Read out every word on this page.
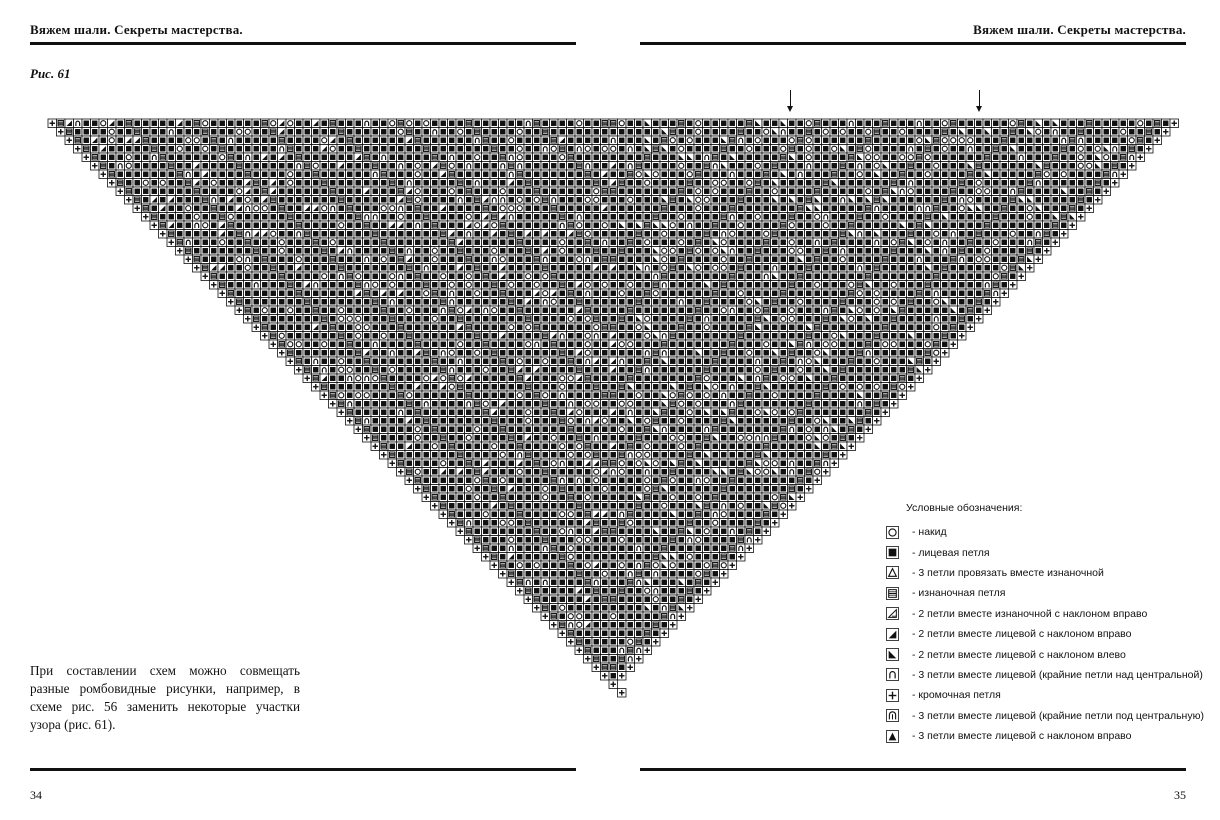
Вяжем шали. Секреты мастерства.	Вяжем шали. Секреты мастерства.
Рис. 61
При составлении схем можно совмещать разные ромбовидные рисунки, например, в схеме рис. 56 заменить некоторые участки узора (рис. 61).
Условные обозначения:
- накид
- лицевая петля
- 3 петли провязать вместе изнаночной
- изнаночная петля
- 2 петли вместе изнаночной с наклоном вправо
- 2 петли вместе лицевой с наклоном вправо
- 2 петли вместе лицевой с наклоном влево
- 3 петли вместе лицевой (крайние петли над центральной)
- кромочная петля
- 3 петли вместе лицевой (крайние петли под центральную)
- 3 петли вместе лицевой с наклоном вправо
34	35
